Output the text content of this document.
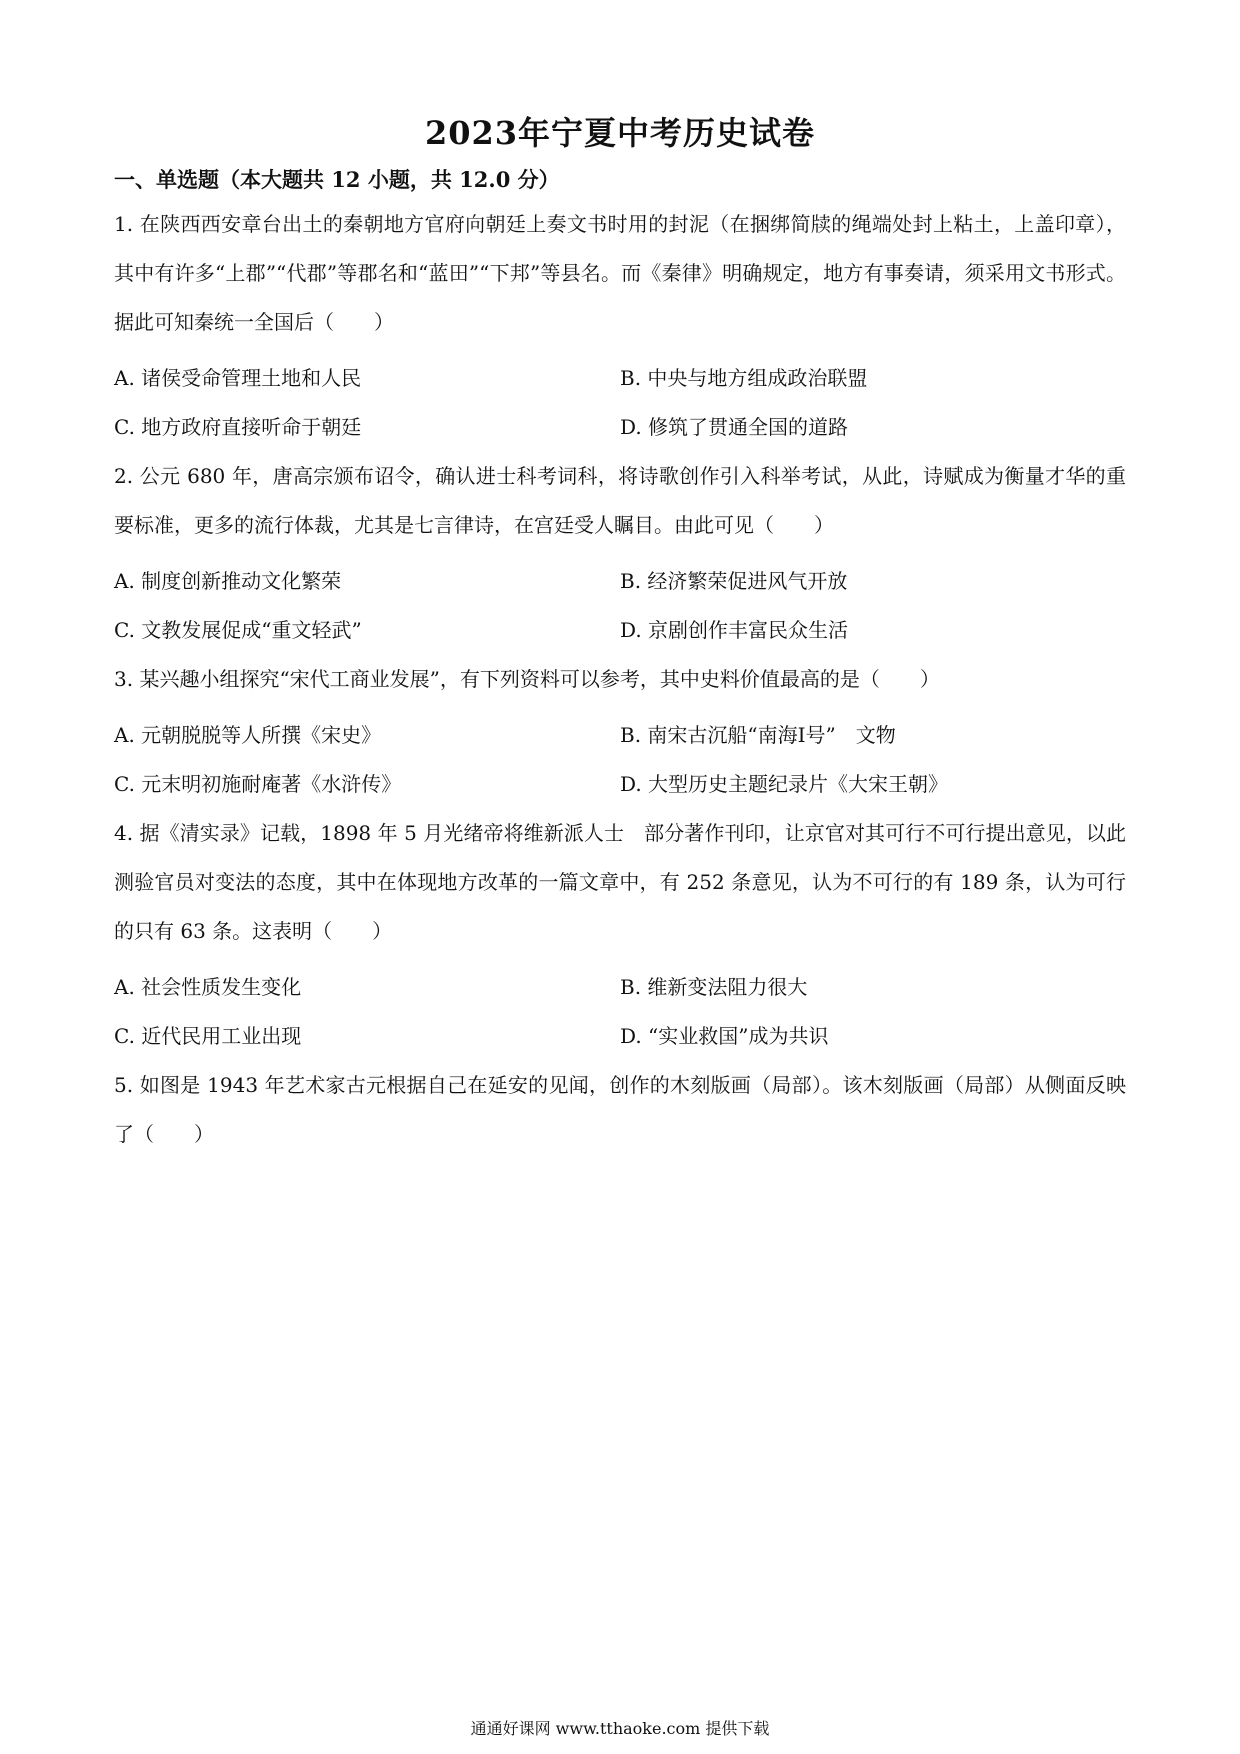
2023年宁夏中考历史试卷
一、单选题（本大题共 12 小题，共 12.0 分）

1. 在陕西西安章台出土的秦朝地方官府向朝廷上奏文书时用的封泥（在捆绑简牍的绳端处封上粘土，上盖印章），其中有许多“上郡”“代郡”等郡名和“蓝田”“下邦”等县名。而《秦律》明确规定，地方有事奏请，须采用文书形式。据此可知秦统一全国后（　　）

A. 诸侯受命管理土地和人民	B. 中央与地方组成政治联盟
C. 地方政府直接听命于朝廷	D. 修筑了贯通全国的道路

2. 公元 680 年，唐高宗颁布诏令，确认进士科考词科，将诗歌创作引入科举考试，从此，诗赋成为衡量才华的重要标准，更多的流行体裁，尤其是七言律诗，在宫廷受人瞩目。由此可见（　　）

A. 制度创新推动文化繁荣	B. 经济繁荣促进风气开放
C. 文教发展促成“重文轻武”	D. 京剧创作丰富民众生活

3. 某兴趣小组探究“宋代工商业发展”，有下列资料可以参考，其中史料价值最高的是（　　）

A. 元朝脱脱等人所撰《宋史》	B. 南宋古沉船“南海Ⅰ号”　文物
C. 元末明初施耐庵著《水浒传》	D. 大型历史主题纪录片《大宋王朝》

4. 据《清实录》记载，1898 年 5 月光绪帝将维新派人士　部分著作刊印，让京官对其可行不可行提出意见，以此测验官员对变法的态度，其中在体现地方改革的一篇文章中，有 252 条意见，认为不可行的有 189 条，认为可行的只有 63 条。这表明（　　）

A. 社会性质发生变化	B. 维新变法阻力很大
C. 近代民用工业出现	D. “实业救国”成为共识

5. 如图是 1943 年艺术家古元根据自己在延安的见闻，创作的木刻版画（局部）。该木刻版画（局部）从侧面反映了（　　）

通通好课网 www.tthaoke.com 提供下载
